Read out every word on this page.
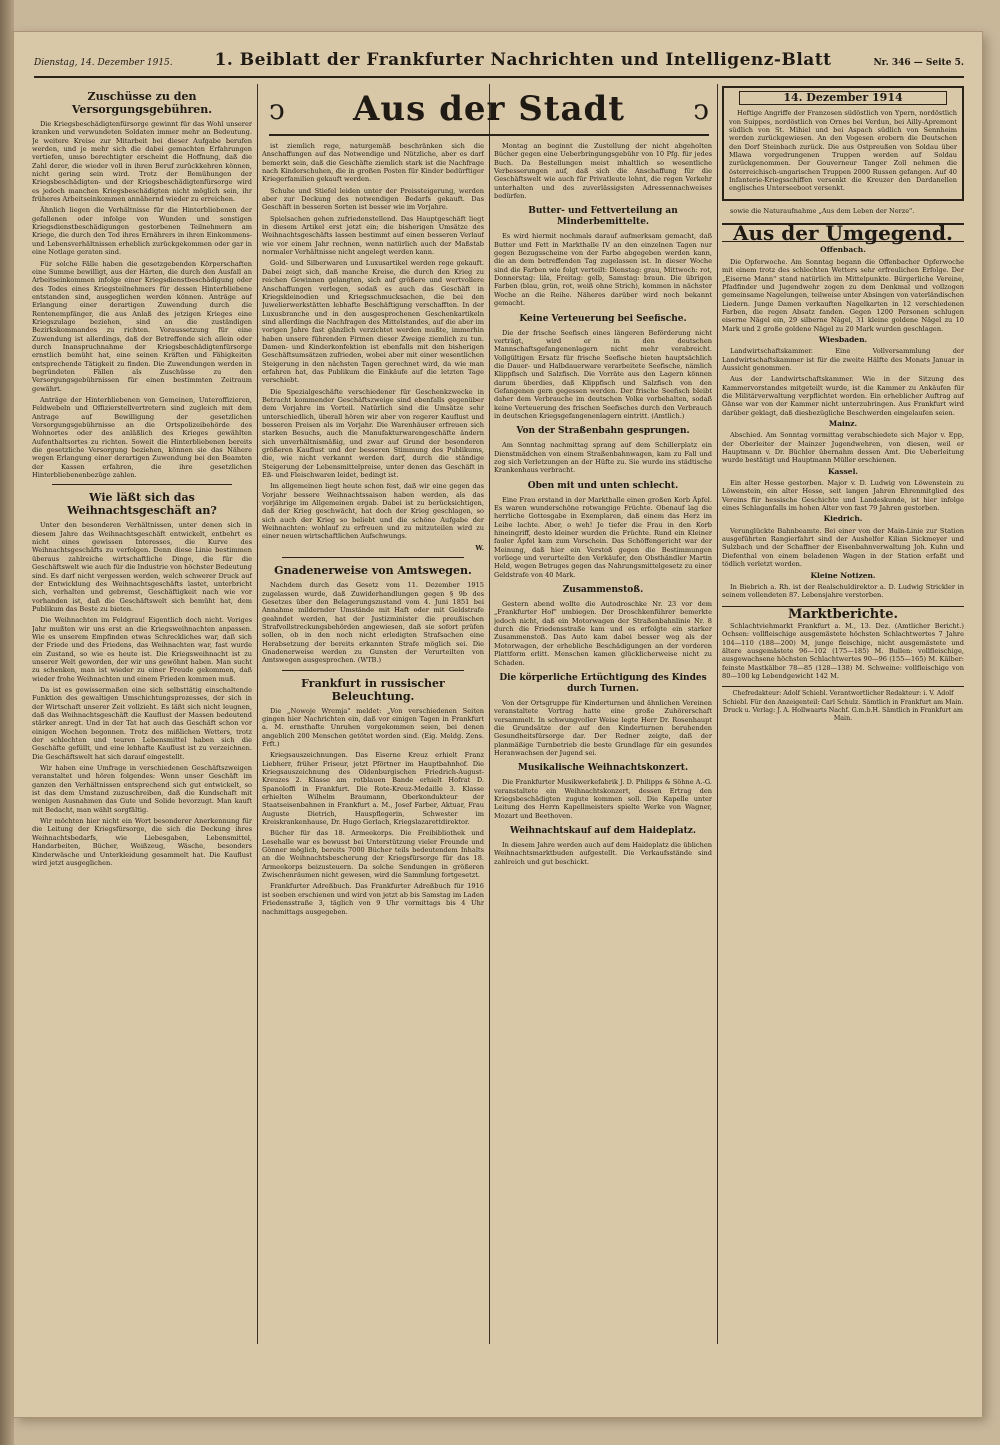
Dienstag, 14. Dezember 1915. 1. Beiblatt der Frankfurter Nachrichten und Intelligenz-Blatt	Nr. 346 — Seite 5.
Zuschüsse zu den Versorgungsgebühren.

Die Kriegsbeschädigtenfürsorge gewinnt für das Wohl unserer kranken und verwundeten Soldaten immer mehr an Bedeutung. Je weitere Kreise zur Mitarbeit bei dieser Aufgabe berufen werden, und je mehr sich die dabei gemachten Erfahrungen vertiefen, umso berechtigter erscheint die Hoffnung, daß die Zahl derer, die wieder voll in ihren Beruf zurückkehren können, nicht gering sein wird. Trotz der Bemühungen der Kriegsbeschädigten- und der Kriegsbeschädigtenfürsorge wird es jedoch manchen Kriegsbeschädigten nicht möglich sein, ihr früheres Arbeitseinkommen annähernd wieder zu erreichen.

Ähnlich liegen die Verhältnisse für die Hinterbliebenen der gefallenen oder infolge von Wunden und sonstigen Kriegsdienstbeschädigungen gestorbenen Teilnehmern am Kriege, die durch den Tod ihres Ernährers in ihren Einkommens- und Lebensverhältnissen erheblich zurückgekommen oder gar in eine Notlage geraten sind.

Für solche Fälle haben die gesetzgebenden Körperschaften eine Summe bewilligt, aus der Härten, die durch den Ausfall an Arbeitseinkommen infolge einer Kriegsdienstbeschädigung oder des Todes eines Kriegsteilnehmers für dessen Hinterbliebene entstanden sind, ausgeglichen werden können. Anträge auf Erlangung einer derartigen Zuwendung durch die Rentenempfänger, die aus Anlaß des jetzigen Krieges eine Kriegszulage beziehen, sind an die zuständigen Bezirkskommandos zu richten. Voraussetzung für eine Zuwendung ist allerdings, daß der Betreffende sich allein oder durch Inanspruchnahme der Kriegsbeschädigtenfürsorge ernstlich bemüht hat, eine seinen Kräften und Fähigkeiten entsprechende Tätigkeit zu finden. Die Zuwendungen werden in begründeten Fällen als Zuschüsse zu den Versorgungsgebührnissen für einen bestimmten Zeitraum gewährt.

Anträge der Hinterbliebenen von Gemeinen, Unteroffizieren, Feldwebeln und Offizierstellvertretern sind zugleich mit dem Antrage auf Bewilligung der gesetzlichen Versorgungsgebührnisse an die Ortspolizeibehörde des Wohnortes oder des anläßlich des Krieges gewählten Aufenthaltsortes zu richten. Soweit die Hinterbliebenen bereits die gesetzliche Versorgung beziehen, können sie das Nähere wegen Erlangung einer derartigen Zuwendung bei den Beamten der Kassen erfahren, die ihre gesetzlichen Hinterbliebenenbezüge zahlen.

Wie läßt sich das Weihnachtsgeschäft an?

Unter den besonderen Verhältnissen, unter denen sich in diesem Jahre das Weihnachtsgeschäft entwickelt, entbehrt es nicht eines gewissen Interesses, die Kurve des Weihnachtsgeschäfts zu verfolgen. Denn diese Linie bestimmen überaus zahlreiche wirtschaftliche Dinge, die für die Geschäftswelt wie auch für die Industrie von höchster Bedeutung sind. Es darf nicht vergessen werden, welch schwerer Druck auf der Entwicklung des Weihnachtsgeschäfts lastet, unterbricht sich, verhalten und gebremst, Geschäftigkeit nach wie vor vorhanden ist, daß die Geschäftswelt sich bemüht hat, dem Publikum das Beste zu bieten.

Die Weihnachten im Feldgrau! Eigentlich doch nicht. Voriges Jahr mußten wir uns erst an die Kriegsweihnachten anpassen. Wie es unserem Empfinden etwas Schreckliches war, daß sich der Friede und des Friedens, das Weihnachten war, fast wurde ein Zustand, so wie es heute ist. Die Kriegsweihnacht ist zu unserer Welt geworden, der wir uns gewöhnt haben. Man sucht zu schenken, man ist wieder zu einer Freude gekommen, daß wieder frohe Weihnachten und einem Frieden kommen muß.

Da ist es gewissermaßen eine sich selbsttätig einschaltende Funktion des gewaltigen Umschichtungsprozesses, der sich in der Wirtschaft unserer Zeit vollzieht. Es läßt sich nicht leugnen, daß das Weihnachtsgeschäft die Kauflust der Massen bedeutend stärker anregt. Und in der Tat hat auch das Geschäft schon vor einigen Wochen begonnen. Trotz des mißlichen Wetters, trotz der schlechten und teuren Lebensmittel haben sich die Geschäfte gefüllt, und eine lebhafte Kauflust ist zu verzeichnen. Die Geschäftswelt hat sich darauf eingestellt.

Wir haben eine Umfrage in verschiedenen Geschäftszweigen veranstaltet und hören folgendes: Wenn unser Geschäft im ganzen den Verhältnissen entsprechend sich gut entwickelt, so ist das dem Umstand zuzuschreiben, daß die Kundschaft mit wenigen Ausnahmen das Gute und Solide bevorzugt. Man kauft mit Bedacht, man wählt sorgfältig.

Wir möchten hier nicht ein Wort besonderer Anerkennung für die Leitung der Kriegsfürsorge, die sich die Deckung ihres Weihnachtsbedarfs, wie Liebesgaben, Lebensmittel, Handarbeiten, Bücher, Weißzeug, Wäsche, besonders Kinderwäsche und Unterkleidung gesammelt hat. Die Kauflust wird jetzt ausgeglichen.

ↄ Aus der Stadt ↄ

ist ziemlich rege, naturgemäß beschränken sich die Anschaffungen auf das Notwendige und Nützliche, aber es darf bemerkt sein, daß die Geschäfte ziemlich stark ist die Nachfrage nach Kinderschuhen, die in großen Posten für Kinder bedürftiger Kriegerfamilien gekauft werden.

Schuhe und Stiefel leiden unter der Preissteigerung, werden aber zur Deckung des notwendigen Bedarfs gekauft. Das Geschäft in besseren Sorten ist besser wie im Vorjahre.

Spielsachen gehen zufriedenstellend. Das Hauptgeschäft liegt in diesem Artikel erst jetzt ein; die bisherigen Umsätze des Weihnachtsgeschäfts lassen bestimmt auf einen besseren Verlauf wie vor einem Jahr rechnen, wenn natürlich auch der Maßstab normaler Verhältnisse nicht angelegt werden kann.

Gold- und Silberwaren und Luxusartikel werden rege gekauft. Dabei zeigt sich, daß manche Kreise, die durch den Krieg zu reichen Gewinnen gelangten, sich auf größere und wertvollere Anschaffungen verlegen, sodaß es auch das Geschäft in Kriegskleinodien und Kriegsschmucksachen, die bei den Juwelierwerkstätten lebhafte Beschäftigung verschafften. In der Luxusbranche und in den ausgesprochenen Geschenkartikeln sind allerdings die Nachfragen des Mittelstandes, auf die aber im vorigen Jahre fast gänzlich verzichtet werden mußte, immerhin haben unsere führenden Firmen dieser Zweige ziemlich zu tun. Damen- und Kinderkonfektion ist ebenfalls mit den bisherigen Geschäftsumsätzen zufrieden, wobei aber mit einer wesentlichen Steigerung in den nächsten Tagen gerechnet wird, da wie man erfahren hat, das Publikum die Einkäufe auf die letzten Tage verschiebt.

Die Spezialgeschäfte verschiedener für Geschenkzwecke in Betracht kommender Geschäftszweige sind ebenfalls gegenüber dem Vorjahre im Vorteil. Natürlich sind die Umsätze sehr unterschiedlich, überall hören wir aber von regerer Kauflust und besseren Preisen als im Vorjahr. Die Warenhäuser erfreuen sich starken Besuchs, auch die Manufakturwarengeschäfte ändern sich unverhältnismäßig, und zwar auf Grund der besonderen größeren Kauflust und der besseren Stimmung des Publikums, die, wie nicht verkannt werden darf, durch die ständige Steigerung der Lebensmittelpreise, unter denen das Geschäft in Eß- und Fleischwaren leidet, bedingt ist.

Im allgemeinen liegt heute schon fest, daß wir eine gegen das Vorjahr bessere Weihnachtssaison haben werden, als das vorjährige im Allgemeinen ergab. Dabei ist zu berücksichtigen, daß der Krieg geschwächt, hat doch der Krieg geschlagen, so sich auch der Krieg so beliebt und die schöne Aufgabe der Weihnachten: wohlauf zu erfreuen und zu mitzuteilen wird zu einer neuen wirtschaftlichen Aufschwungs.

W.
Gnadenerweise von Amtswegen.

Nachdem durch das Gesetz vom 11. Dezember 1915 zugelassen wurde, daß Zuwiderhandlungen gegen § 9b des Gesetzes über den Belagerungszustand vom 4. Juni 1851 bei Annahme mildernder Umstände mit Haft oder mit Geldstrafe geahndet werden, hat der Justizminister die preußischen Strafvollstreckungsbehörden angewiesen, daß sie sofort prüfen sollen, ob in den noch nicht erledigten Strafsachen eine Herabsetzung der bereits erkannten Strafe möglich sei. Die Gnadenerweise werden zu Gunsten der Verurteilten von Amtswegen ausgesprochen. (WTB.)

Frankfurt in russischer Beleuchtung.

Die „Nowoje Wremja" meldet: „Von verschiedenen Seiten gingen hier Nachrichten ein, daß vor einigen Tagen in Frankfurt a. M. ernsthafte Unruhen vorgekommen seien, bei denen angeblich 200 Menschen getötet worden sind. (Eig. Meldg. Zens. Frft.)

Kriegsauszeichnungen. Das Eiserne Kreuz erhielt Franz Liebherr, früher Friseur, jetzt Pförtner im Hauptbahnhof. Die Kriegsauszeichnung des Oldenburgischen Friedrich-August-Kreuzes 2. Klasse am rotblauen Bande erhielt Hofrat D. Spanoloffi in Frankfurt. Die Rote-Kreuz-Medaille 3. Klasse erhielten Wilhelm Braumann, Oberkondukteur der Staatseisenbahnen in Frankfurt a. M., Josef Farber, Aktuar, Frau Auguste Dietrich, Hauspflegerin, Schwester im Kreiskrankenhause, Dr. Hugo Gerlach, Kriegslazarettdirektor.

Bücher für das 18. Armeekorps. Die Freibibliothek und Lesehalle war es bewusst bei Unterstützung vieler Freunde und Gönner möglich, bereits 7000 Bücher teils bedeutendem Inhalts an die Weihnachtsbescherung der Kriegsfürsorge für das 18. Armeekorps beizusteuern. Da solche Sendungen in größeren Zwischenräumen nicht gewesen, wird die Sammlung fortgesetzt.

Frankfurter Adreßbuch. Das Frankfurter Adreßbuch für 1916 ist soeben erschienen und wird von jetzt ab bis Samstag im Laden Friedensstraße 3, täglich von 9 Uhr vormittags bis 4 Uhr nachmittags ausgegeben.

Montag an beginnt die Zustellung der nicht abgeholten Bücher gegen eine Ueberbringungsgebühr von 10 Pfg. für jedes Buch. Da Bestellungen meist inhaltlich so wesentliche Verbesserungen auf, daß sich die Anschaffung für die Geschäftswelt wie auch für Privatleute lohnt, die regen Verkehr unterhalten und des zuverlässigsten Adressennachweises bedürfen.

Butter- und Fettverteilung an Minderbemittelte.

Es wird hiermit nochmals darauf aufmerksam gemacht, daß Butter und Fett in Markthalle IV an den einzelnen Tagen nur gegen Bezugsscheine von der Farbe abgegeben werden kann, die an dem betreffenden Tag zugelassen ist. In dieser Woche sind die Farben wie folgt verteilt: Dienstag: grau, Mittwoch: rot, Donnerstag: lila, Freitag: gelb, Samstag: braun. Die übrigen Farben (blau, grün, rot, weiß ohne Strich), kommen in nächster Woche an die Reihe. Näheres darüber wird noch bekannt gemacht.

Keine Verteuerung bei Seefische.

Die der frische Seefisch eines längeren Beförderung nicht verträgt, wird er in den deutschen Mannschaftsgefangenenlagern nicht mehr verabreicht. Vollgültigen Ersatz für frische Seefische bieten hauptsächlich die Dauer- und Halbdauerware verarbeitete Seefische, nämlich Klippfisch und Salzfisch. Die Vorräte aus den Lagern können darum überdies, daß Klippfisch und Salzfisch von den Gefangenen gern gegessen werden. Der frische Seefisch bleibt daher dem Verbrauche im deutschen Volke vorbehalten, sodaß keine Verteuerung des frischen Seefisches durch den Verbrauch in deutschen Kriegsgefangenenlagern eintritt. (Amtlich.)

Von der Straßenbahn gesprungen.

Am Sonntag nachmittag sprang auf dem Schillerplatz ein Dienstmädchen von einem Straßenbahnwagen, kam zu Fall und zog sich Verletzungen an der Hüfte zu. Sie wurde ins städtische Krankenhaus verbracht.

Oben mit und unten schlecht.

Eine Frau erstand in der Markthalle einen großen Korb Äpfel. Es waren wunderschöne rotwangige Früchte. Obenauf lag die herrliche Gottesgabe in Exemplaren, daß einem das Herz im Leibe lachte. Aber, o weh! Je tiefer die Frau in den Korb hineingriff, desto kleiner wurden die Früchte. Rund ein Kleiner fauler Äpfel kam zum Vorschein. Das Schöffengericht war der Meinung, daß hier ein Verstoß gegen die Bestimmungen vorliege und verurteilte den Verkäufer, den Obsthändler Martin Held, wegen Betruges gegen das Nahrungsmittelgesetz zu einer Geldstrafe von 40 Mark.

Zusammenstoß.

Gestern abend wollte die Autodroschke Nr. 23 vor dem „Frankfurter Hof" umbiegen. Der Droschkenführer bemerkte jedoch nicht, daß ein Motorwagen der Straßenbahnlinie Nr. 8 durch die Friedensstraße kam und es erfolgte ein starker Zusammenstoß. Das Auto kam dabei besser weg als der Motorwagen, der erhebliche Beschädigungen an der vorderen Plattform erlitt. Menschen kamen glücklicherweise nicht zu Schaden.

Die körperliche Ertüchtigung des Kindes durch Turnen.

Von der Ortsgruppe für Kinderturnen und ähnlichen Vereinen veranstaltete Vortrag hatte eine große Zuhörerschaft versammelt. In schwungvoller Weise legte Herr Dr. Rosenhaupt die Grundsätze der auf den Kinderturnen beruhenden Gesundheitsfürsorge dar. Der Redner zeigte, daß der planmäßige Turnbetrieb die beste Grundlage für ein gesundes Heranwachsen der Jugend sei.

Musikalische Weihnachtskonzert.

Die Frankfurter Musikwerkefabrik J. D. Philipps & Söhne A.-G. veranstaltete ein Weihnachtskonzert, dessen Ertrag den Kriegsbeschädigten zugute kommen soll. Die Kapelle unter Leitung des Herrn Kapellmeisters spielte Werke von Wagner, Mozart und Beethoven.

Weihnachtskauf auf dem Haideplatz.

In diesem Jahre werden auch auf dem Haideplatz die üblichen Weihnachtsmarktbuden aufgestellt. Die Verkaufsstände sind zahlreich und gut beschickt.

14. Dezember 1914

Heftige Angriffe der Franzosen südöstlich von Ypern, nordöstlich von Suippes, nordöstlich von Ornes bei Verdun, bei Ailly-Apremont südlich von St. Mihiel und bei Aspach südlich von Sennheim werden zurückgewiesen. An den Vogesen erobern die Deutschen den Dorf Steinbach zurück. Die aus Ostpreußen von Soldau über Mlawa vorgedrungenen Truppen werden auf Soldau zurückgenommen. Der Gouverneur Tanger Zoll nehmen die österreichisch-ungarischen Truppen 2000 Russen gefangen. Auf 40 Infanterie-Kriegsschiffen versenkt die Kreuzer den Dardanellen englisches Unterseeboot versenkt.

sowie die Naturaufnahme „Aus dem Leben der Nerze".

Aus der Umgegend.
Offenbach.

Die Opferwoche. Am Sonntag begann die Offenbacher Opferwoche mit einem trotz des schlechten Wetters sehr erfreulichen Erfolge. Der „Eiserne Mann" stand natürlich im Mittelpunkte. Bürgerliche Vereine, Pfadfinder und Jugendwehr zogen zu dem Denkmal und vollzogen gemeinsame Nagelungen, teilweise unter Absingen von vaterländischen Liedern. Junge Damen verkauften Nagelkarten in 12 verschiedenen Farben, die regen Absatz fanden. Gegen 1200 Personen schlugen eiserne Nägel ein, 29 silberne Nägel, 31 kleine goldene Nägel zu 10 Mark und 2 große goldene Nägel zu 20 Mark wurden geschlagen.

Wiesbaden.

Landwirtschaftskammer. Eine Vollversammlung der Landwirtschaftskammer ist für die zweite Hälfte des Monats Januar in Aussicht genommen.

Aus der Landwirtschaftskammer. Wie in der Sitzung des Kammervorstandes mitgeteilt wurde, ist die Kammer zu Ankäufen für die Militärverwaltung verpflichtet worden. Ein erheblicher Auftrag auf Gänse war von der Kammer nicht unterzubringen. Aus Frankfurt wird darüber geklagt, daß diesbezügliche Beschwerden eingelaufen seien.

Mainz.

Abschied. Am Sonntag vormittag verabschiedete sich Major v. Epp, der Oberleiter der Mainzer Jugendwehren, von diesen, weil er Hauptmann v. Dr. Büchler übernahm dessen Amt. Die Ueberleitung wurde bestätigt und Hauptmann Müller erschienen.

Kassel.

Ein alter Hesse gestorben. Major v. D. Ludwig von Löwenstein zu Löwenstein, ein alter Hesse, seit langen Jahren Ehrenmitglied des Vereins für hessische Geschichte und Landeskunde, ist hier infolge eines Schlaganfalls im hohen Alter von fast 79 Jahren gestorben.

Kiedrich.

Verunglückte Bahnbeamte. Bei einer von der Main-Linie zur Station ausgeführten Rangierfahrt sind der Aushelfer Kilian Sickmeyer und Sulzbach und der Schaffner der Eisenbahnverwaltung Joh. Kuhn und Diefenthal von einem beladenen Wagen in der Station erfaßt und tödlich verletzt worden.

Kleine Notizen.

In Biebrich a. Rh. ist der Realschuldirektor a. D. Ludwig Strickler in seinem vollendeten 87. Lebensjahre verstorben.

Marktberichte.

Schlachtviehmarkt Frankfurt a. M., 13. Dez. (Amtlicher Bericht.) Ochsen: vollfleischige ausgemästete höchsten Schlachtwertes 7 Jahre 104—110 (188—200) M, junge fleischige, nicht ausgemästete und ältere ausgemästete 96—102 (175—185) M. Bullen: vollfleischige, ausgewachsene höchsten Schlachtwertes 90—96 (155—165) M. Kälber: feinste Mastkälber 78—85 (128—138) M. Schweine: vollfleischige von 80—100 kg Lebendgewicht 142 M.

Chefredakteur: Adolf Schiebl. Verantwortlicher Redakteur: i. V. Adolf Schiebl. Für den Anzeigenteil: Carl Schulz. Sämtlich in Frankfurt am Main. Druck u. Verlag: J. A. Hollwaarts Nachf. G.m.b.H. Sämtlich in Frankfurt am Main.
